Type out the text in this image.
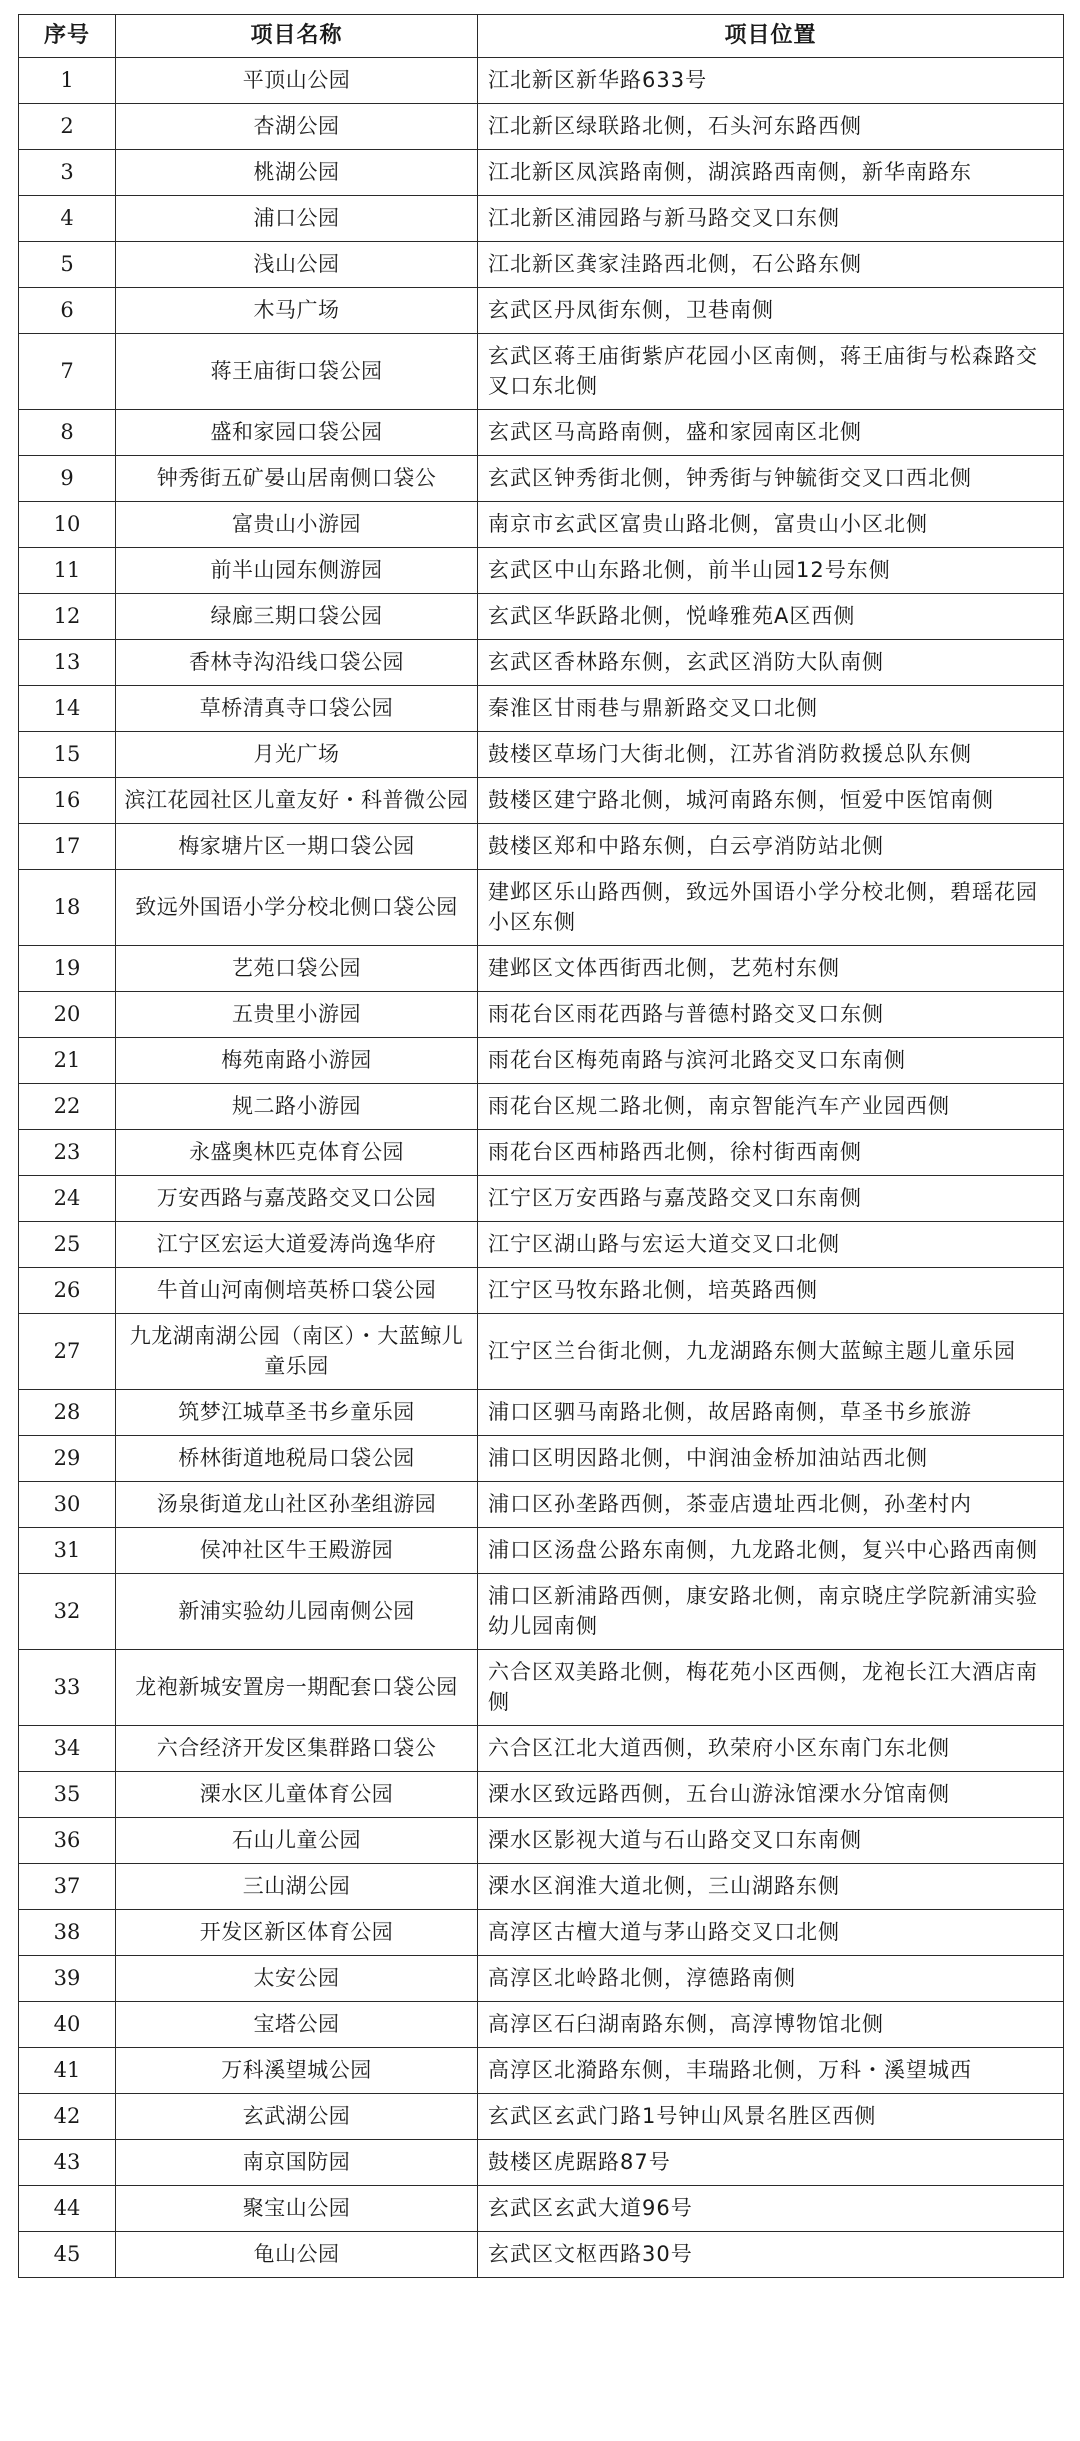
序号	项目名称	项目位置
1	平顶山公园	江北新区新华路633号
2	杏湖公园	江北新区绿联路北侧，石头河东路西侧
3	桃湖公园	江北新区凤滨路南侧，湖滨路西南侧，新华南路东
4	浦口公园	江北新区浦园路与新马路交叉口东侧
5	浅山公园	江北新区龚家洼路西北侧，石公路东侧
6	木马广场	玄武区丹凤街东侧，卫巷南侧
7	蒋王庙街口袋公园	玄武区蒋王庙街紫庐花园小区南侧，蒋王庙街与松森路交叉口东北侧
8	盛和家园口袋公园	玄武区马高路南侧，盛和家园南区北侧
9	钟秀街五矿晏山居南侧口袋公	玄武区钟秀街北侧，钟秀街与钟毓街交叉口西北侧
10	富贵山小游园	南京市玄武区富贵山路北侧，富贵山小区北侧
11	前半山园东侧游园	玄武区中山东路北侧，前半山园12号东侧
12	绿廊三期口袋公园	玄武区华跃路北侧，悦峰雅苑A区西侧
13	香林寺沟沿线口袋公园	玄武区香林路东侧，玄武区消防大队南侧
14	草桥清真寺口袋公园	秦淮区甘雨巷与鼎新路交叉口北侧
15	月光广场	鼓楼区草场门大街北侧，江苏省消防救援总队东侧
16	滨江花园社区儿童友好・科普微公园	鼓楼区建宁路北侧，城河南路东侧，恒爱中医馆南侧
17	梅家塘片区一期口袋公园	鼓楼区郑和中路东侧，白云亭消防站北侧
18	致远外国语小学分校北侧口袋公园	建邺区乐山路西侧，致远外国语小学分校北侧，碧瑶花园小区东侧
19	艺苑口袋公园	建邺区文体西街西北侧，艺苑村东侧
20	五贵里小游园	雨花台区雨花西路与普德村路交叉口东侧
21	梅苑南路小游园	雨花台区梅苑南路与滨河北路交叉口东南侧
22	规二路小游园	雨花台区规二路北侧，南京智能汽车产业园西侧
23	永盛奥林匹克体育公园	雨花台区西柿路西北侧，徐村街西南侧
24	万安西路与嘉茂路交叉口公园	江宁区万安西路与嘉茂路交叉口东南侧
25	江宁区宏运大道爱涛尚逸华府	江宁区湖山路与宏运大道交叉口北侧
26	牛首山河南侧培英桥口袋公园	江宁区马牧东路北侧，培英路西侧
27	九龙湖南湖公园（南区）・大蓝鲸儿童乐园	江宁区兰台街北侧，九龙湖路东侧大蓝鲸主题儿童乐园
28	筑梦江城草圣书乡童乐园	浦口区驷马南路北侧，故居路南侧，草圣书乡旅游
29	桥林街道地税局口袋公园	浦口区明因路北侧，中润油金桥加油站西北侧
30	汤泉街道龙山社区孙垄组游园	浦口区孙垄路西侧，茶壶店遗址西北侧，孙垄村内
31	侯冲社区牛王殿游园	浦口区汤盘公路东南侧，九龙路北侧，复兴中心路西南侧
32	新浦实验幼儿园南侧公园	浦口区新浦路西侧，康安路北侧，南京晓庄学院新浦实验幼儿园南侧
33	龙袍新城安置房一期配套口袋公园	六合区双美路北侧，梅花苑小区西侧，龙袍长江大酒店南侧
34	六合经济开发区集群路口袋公	六合区江北大道西侧，玖荣府小区东南门东北侧
35	溧水区儿童体育公园	溧水区致远路西侧，五台山游泳馆溧水分馆南侧
36	石山儿童公园	溧水区影视大道与石山路交叉口东南侧
37	三山湖公园	溧水区润淮大道北侧，三山湖路东侧
38	开发区新区体育公园	高淳区古檀大道与茅山路交叉口北侧
39	太安公园	高淳区北岭路北侧，淳德路南侧
40	宝塔公园	高淳区石臼湖南路东侧，高淳博物馆北侧
41	万科溪望城公园	高淳区北漪路东侧，丰瑞路北侧，万科・溪望城西
42	玄武湖公园	玄武区玄武门路1号钟山风景名胜区西侧
43	南京国防园	鼓楼区虎踞路87号
44	聚宝山公园	玄武区玄武大道96号
45	龟山公园	玄武区文枢西路30号
